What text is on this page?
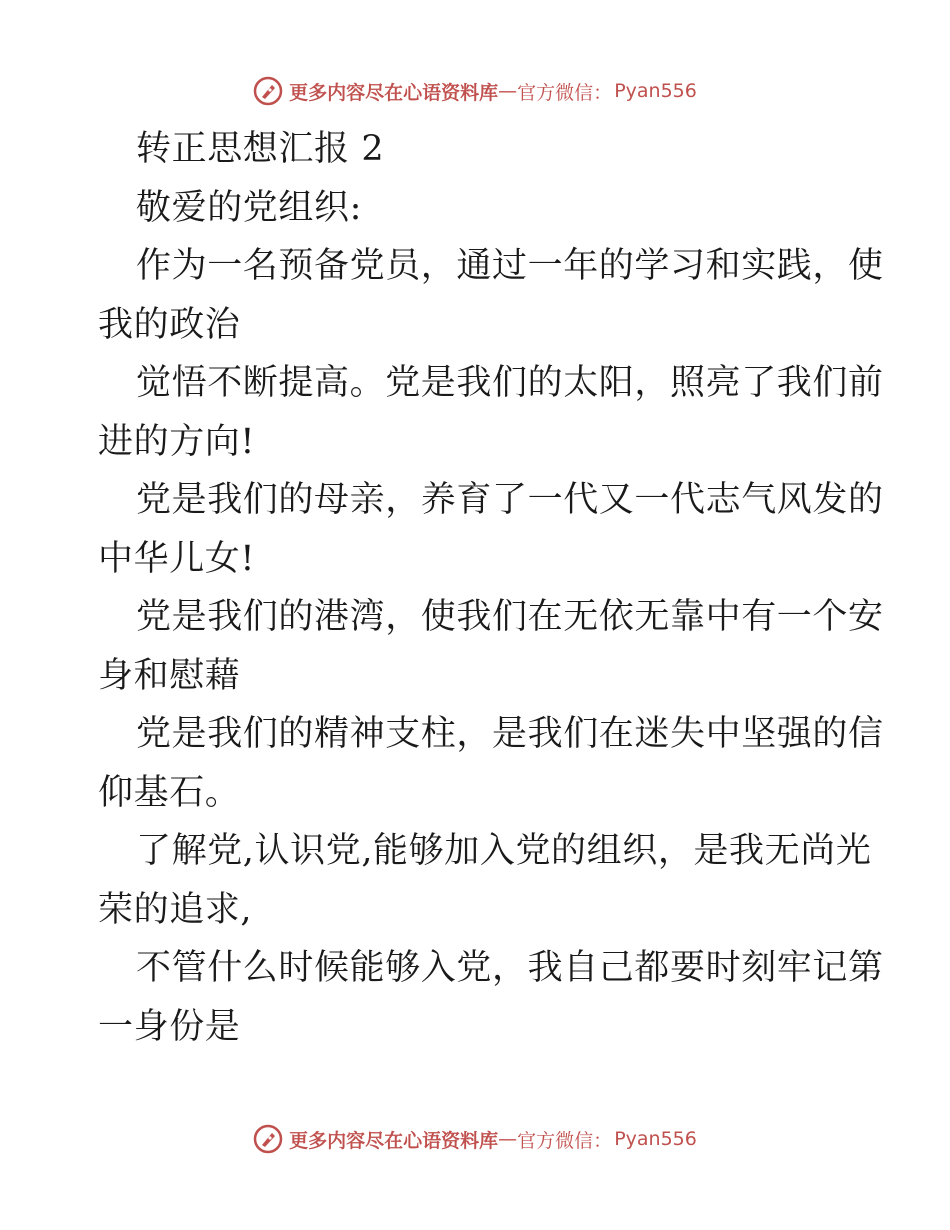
更多内容尽在心语资料库 — 官方微信： Pyan556
转正思想汇报 2
敬爱的党组织:
作为一名预备党员，通过一年的学习和实践，使
我的政治
觉悟不断提高。党是我们的太阳，照亮了我们前
进的方向!
党是我们的母亲，养育了一代又一代志气风发的
中华儿女!
党是我们的港湾，使我们在无依无靠中有一个安
身和慰藉
党是我们的精神支柱，是我们在迷失中坚强的信
仰基石。
了解党,认识党,能够加入党的组织，是我无尚光
荣的追求,
不管什么时候能够入党，我自己都要时刻牢记第
一身份是
更多内容尽在心语资料库 — 官方微信： Pyan556
